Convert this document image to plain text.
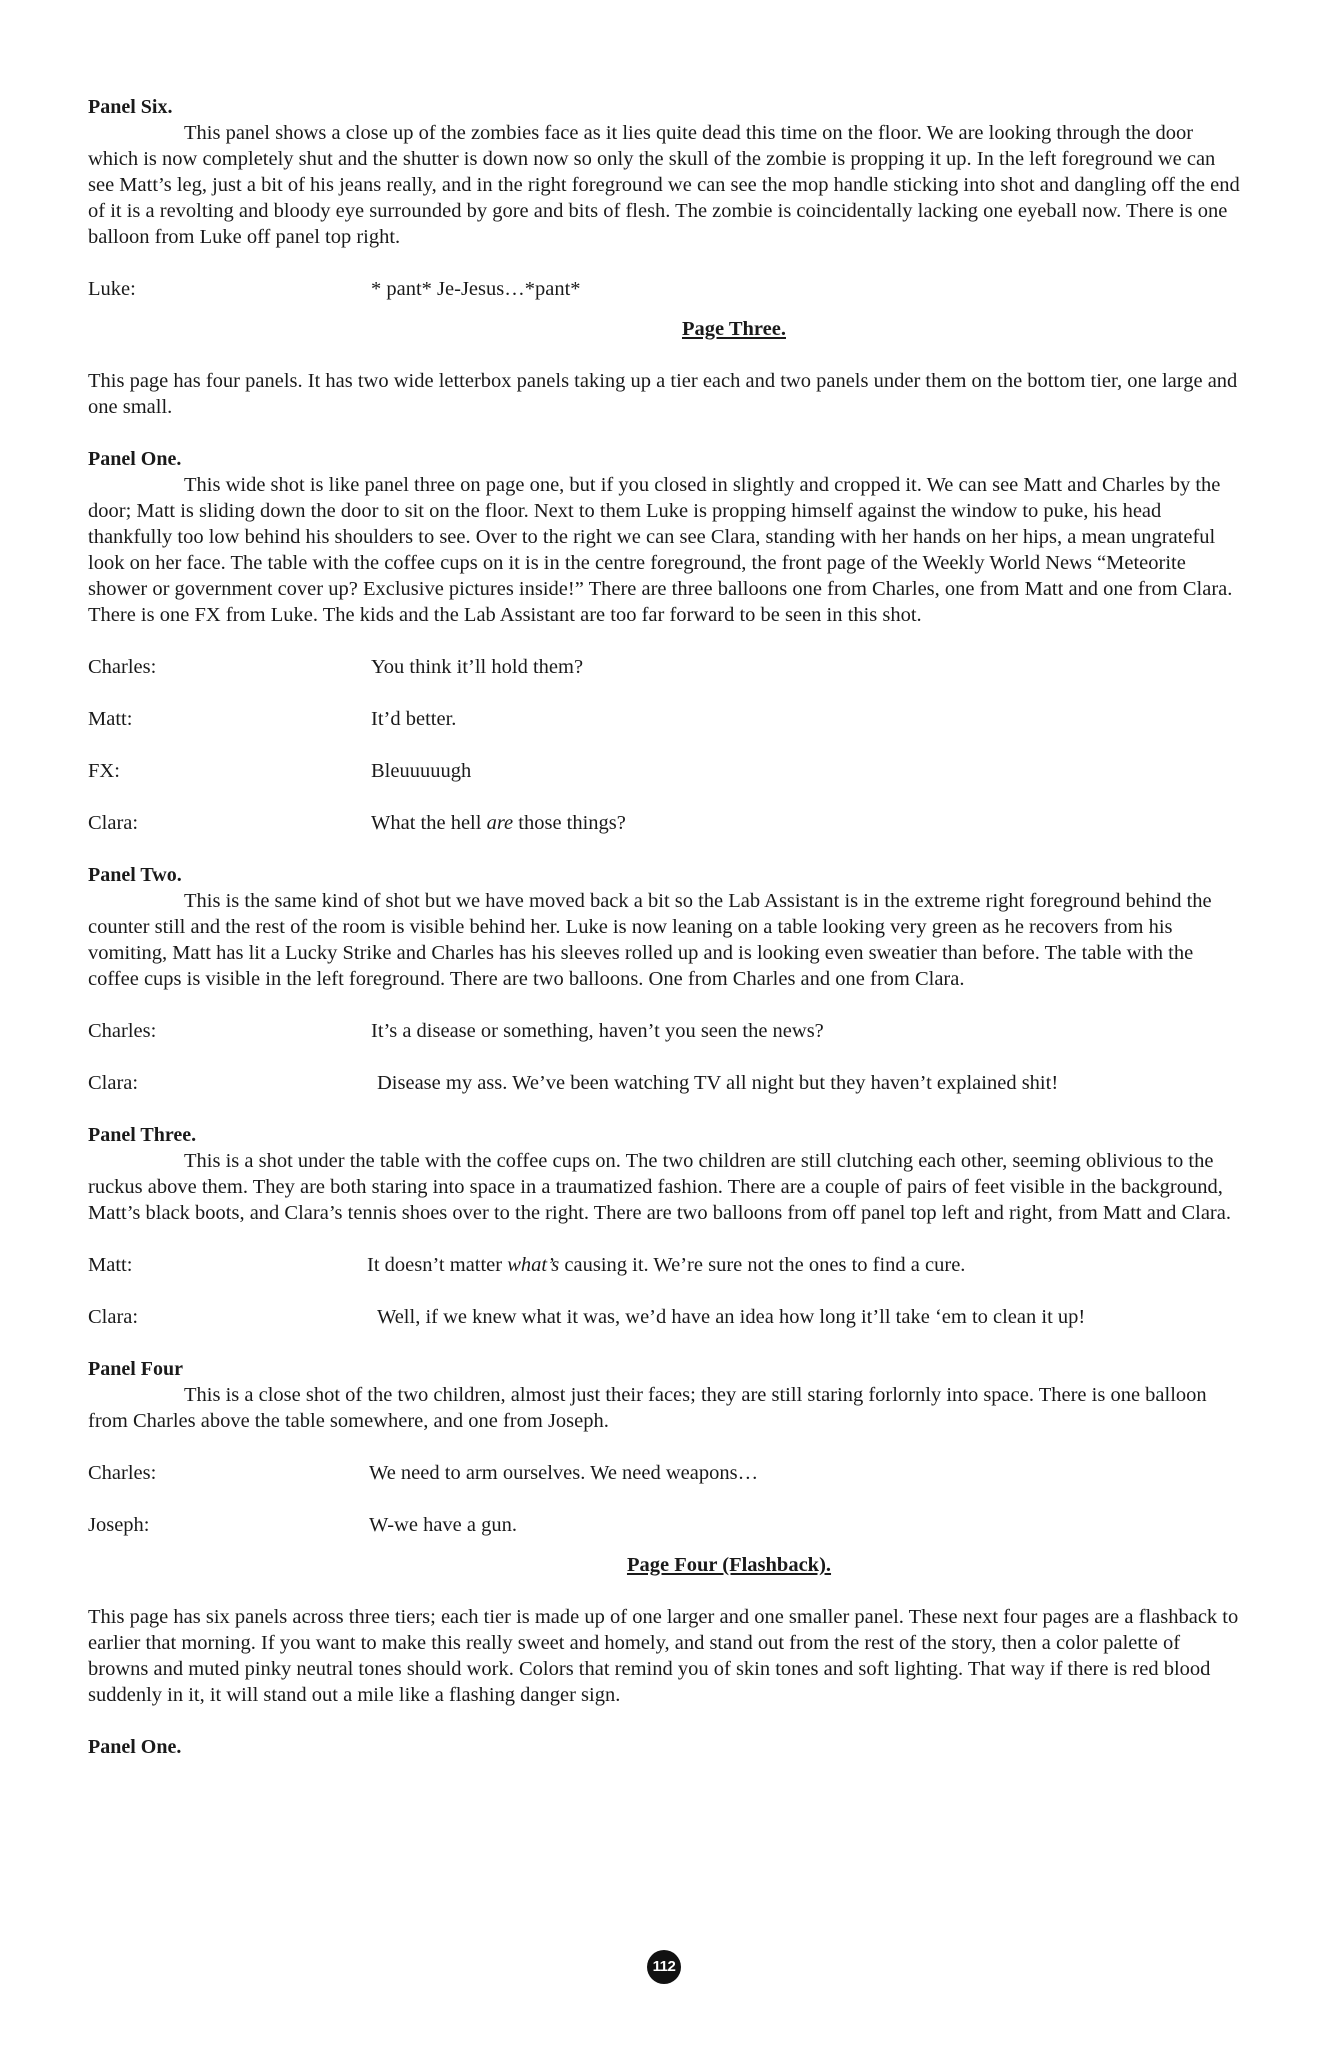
Panel Six.

This panel shows a close up of the zombies face as it lies quite dead this time on the floor. We are looking through the door which is now completely shut and the shutter is down now so only the skull of the zombie is propping it up. In the left foreground we can see Matt’s leg, just a bit of his jeans really, and in the right foreground we can see the mop handle sticking into shot and dangling off the end of it is a revolting and bloody eye surrounded by gore and bits of flesh. The zombie is coincidentally lacking one eyeball now. There is one balloon from Luke off panel top right.

Luke:	* pant* Je-Jesus…*pant*

Page Three.

This page has four panels. It has two wide letterbox panels taking up a tier each and two panels under them on the bottom tier, one large and one small.

Panel One.

This wide shot is like panel three on page one, but if you closed in slightly and cropped it. We can see Matt and Charles by the door; Matt is sliding down the door to sit on the floor. Next to them Luke is propping himself against the window to puke, his head thankfully too low behind his shoulders to see. Over to the right we can see Clara, standing with her hands on her hips, a mean ungrateful look on her face. The table with the coffee cups on it is in the centre foreground, the front page of the Weekly World News “Meteorite shower or government cover up? Exclusive pictures inside!” There are three balloons one from Charles, one from Matt and one from Clara. There is one FX from Luke. The kids and the Lab Assistant are too far forward to be seen in this shot.

Charles:	You think it’ll hold them?
Matt:	It’d better.
FX:	Bleuuuuugh
Clara:	What the hell are those things?

Panel Two.

This is the same kind of shot but we have moved back a bit so the Lab Assistant is in the extreme right foreground behind the counter still and the rest of the room is visible behind her. Luke is now leaning on a table looking very green as he recovers from his vomiting, Matt has lit a Lucky Strike and Charles has his sleeves rolled up and is looking even sweatier than before. The table with the coffee cups is visible in the left foreground. There are two balloons. One from Charles and one from Clara.

Charles:	It’s a disease or something, haven’t you seen the news?
Clara:	Disease my ass. We’ve been watching TV all night but they haven’t explained shit!

Panel Three.

This is a shot under the table with the coffee cups on. The two children are still clutching each other, seeming oblivious to the ruckus above them. They are both staring into space in a traumatized fashion. There are a couple of pairs of feet visible in the background, Matt’s black boots, and Clara’s tennis shoes over to the right. There are two balloons from off panel top left and right, from Matt and Clara.

Matt:	It doesn’t matter what’s causing it. We’re sure not the ones to find a cure.
Clara:	Well, if we knew what it was, we’d have an idea how long it’ll take ‘em to clean it up!

Panel Four

This is a close shot of the two children, almost just their faces; they are still staring forlornly into space. There is one balloon from Charles above the table somewhere, and one from Joseph.

Charles:	We need to arm ourselves. We need weapons…
Joseph:	W-we have a gun.

Page Four (Flashback).

This page has six panels across three tiers; each tier is made up of one larger and one smaller panel. These next four pages are a flashback to earlier that morning. If you want to make this really sweet and homely, and stand out from the rest of the story, then a color palette of browns and muted pinky neutral tones should work. Colors that remind you of skin tones and soft lighting. That way if there is red blood suddenly in it, it will stand out a mile like a flashing danger sign.

Panel One.

112
